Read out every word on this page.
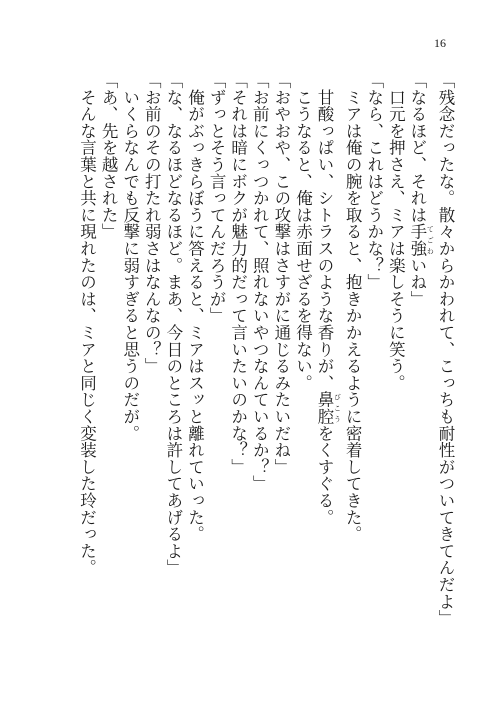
16
「残念だったな。散々からかわれて、こっちも耐性がついてきてんだよ」
「なるほど、それは手強 てごわいね」
　口元を押さえ、ミアは楽しそうに笑う。
「なら、これはどうかな？」
　ミアは俺の腕を取ると、抱きかかえるように密着してきた。
　甘酸っぱい、シトラスのような香りが、鼻腔 びこうをくすぐる。
　こうなると、俺は赤面せざるを得ない。
「おやおや、この攻撃はさすがに通じるみたいだね」
「お前にくっつかれて、照れないやつなんているか？」
「それは暗にボクが魅力的だって言いたいのかな？」
「ずっとそう言ってんだろうが」
　俺がぶっきらぼうに答えると、ミアはスッと離れていった。
「な、なるほどなるほど。まあ、今日のところは許してあげるよ」
「お前のその打たれ弱さはなんなの？」
　いくらなんでも反撃に弱すぎると思うのだが。
「あ、先を越された」
　そんな言葉と共に現れたのは、ミアと同じく変装した玲だった。
